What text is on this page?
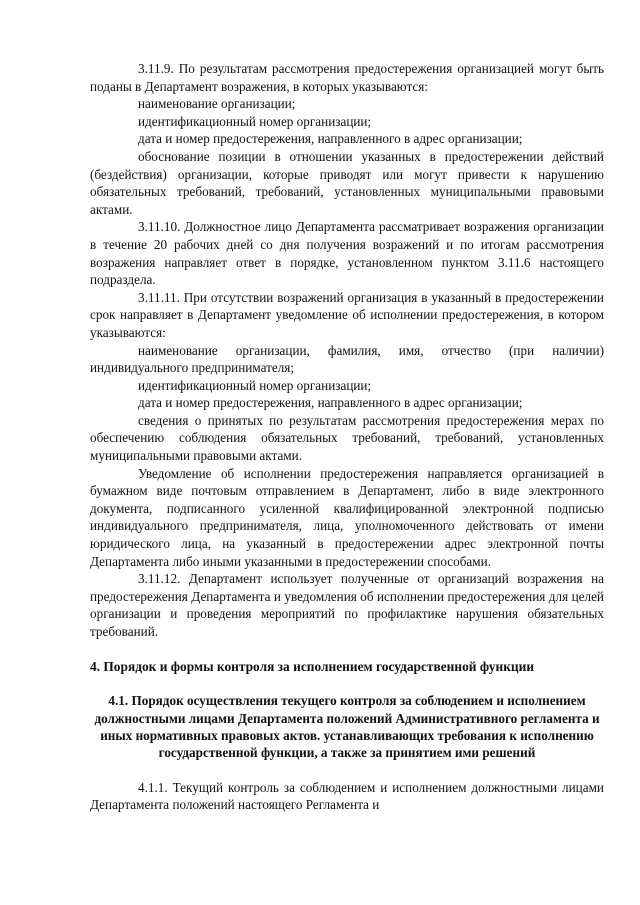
3.11.9. По результатам рассмотрения предостережения организацией могут быть поданы в Департамент возражения, в которых указываются:

наименование организации;

идентификационный номер организации;

дата и номер предостережения, направленного в адрес организации;

обоснование позиции в отношении указанных в предостережении действий (бездействия) организации, которые приводят или могут привести к нарушению обязательных требований, требований, установленных муниципальными правовыми актами.

3.11.10. Должностное лицо Департамента рассматривает возражения организации в течение 20 рабочих дней со дня получения возражений и по итогам рассмотрения возражения направляет ответ в порядке, установленном пунктом 3.11.6 настоящего подраздела.

3.11.11. При отсутствии возражений организация в указанный в предостережении срок направляет в Департамент уведомление об исполнении предостережения, в котором указываются:

наименование организации, фамилия, имя, отчество (при наличии) индивидуального предпринимателя;

идентификационный номер организации;

дата и номер предостережения, направленного в адрес организации;

сведения о принятых по результатам рассмотрения предостережения мерах по обеспечению соблюдения обязательных требований, требований, установленных муниципальными правовыми актами.

Уведомление об исполнении предостережения направляется организацией в бумажном виде почтовым отправлением в Департамент, либо в виде электронного документа, подписанного усиленной квалифицированной электронной подписью индивидуального предпринимателя, лица, уполномоченного действовать от имени юридического лица, на указанный в предостережении адрес электронной почты Департамента либо иными указанными в предостережении способами.

3.11.12. Департамент использует полученные от организаций возражения на предостережения Департамента и уведомления об исполнении предостережения для целей организации и проведения мероприятий по профилактике нарушения обязательных требований.

4. Порядок и формы контроля за исполнением государственной функции

4.1. Порядок осуществления текущего контроля за соблюдением и исполнением должностными лицами Департамента положений Административного регламента и иных нормативных правовых актов. устанавливающих требования к исполнению государственной функции, а также за принятием ими решений

4.1.1. Текущий контроль за соблюдением и исполнением должностными лицами Департамента положений настоящего Регламента и
